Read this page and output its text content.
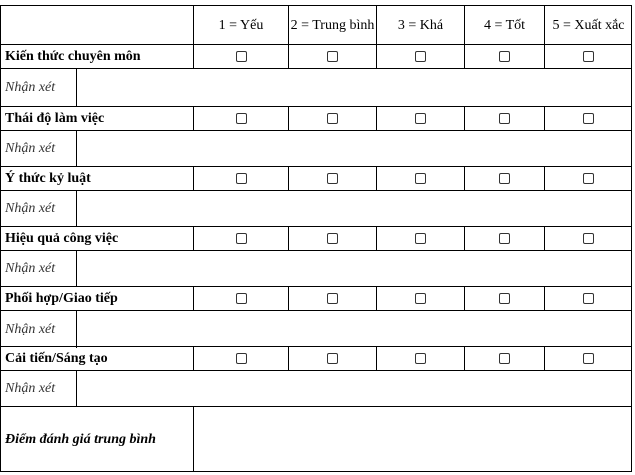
1 = Yếu 2 = Trung bình 3 = Khá	4 = Tốt 5 = Xuất xắc
Kiến thức chuyên môn
Nhận xét
Thái độ làm việc
Nhận xét
Ý thức kỷ luật
Nhận xét
Hiệu quả công việc
Nhận xét
Phối hợp/Giao tiếp
Nhận xét
Cải tiến/Sáng tạo
Nhận xét
Điểm đánh giá trung bình
